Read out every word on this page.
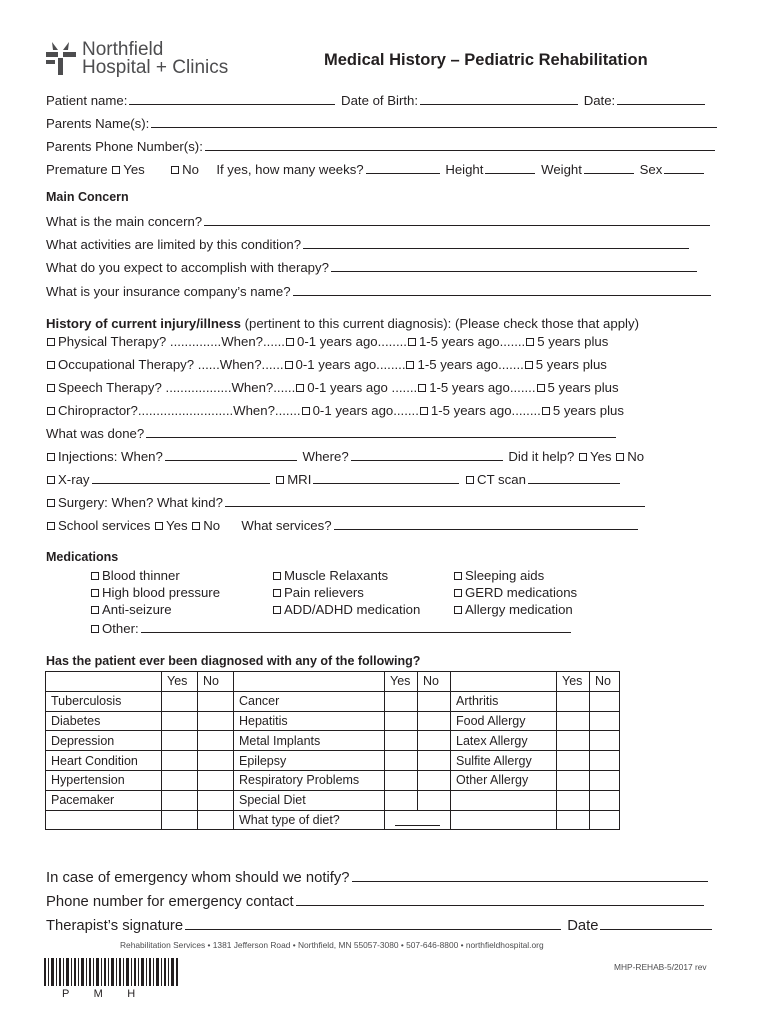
Northfield
Hospital + Clinics	Medical History – Pediatric Rehabilitation
Patient name:	Date of Birth:	Date:
Parents Name(s):
Parents Phone Number(s):
Premature Yes	No If yes, how many weeks?	Height	Weight	Sex
Main Concern
What is the main concern?
What activities are limited by this condition?
What do you expect to accomplish with therapy?
What is your insurance company’s name?
History of current injury/illness (pertinent to this current diagnosis): (Please check those that apply)
Physical Therapy? ..............When?...... 0-1 years ago........ 1-5 years ago....... 5 years plus
Occupational Therapy? ......When?...... 0-1 years ago........ 1-5 years ago....... 5 years plus
Speech Therapy? ..................When?...... 0-1 years ago ....... 1-5 years ago....... 5 years plus
Chiropractor?..........................When?....... 0-1 years ago....... 1-5 years ago........ 5 years plus
What was done?
Injections: When?	Where?	Did it help? Yes No
X-ray	MRI	CT scan
Surgery: When? What kind?
School services Yes No What services?
Medications
Blood thinner
High blood pressure
Anti-seizure
Muscle Relaxants
Pain relievers
ADD/ADHD medication
Sleeping aids
GERD medications
Allergy medication
Other:
Has the patient ever been diagnosed with any of the following?
	Yes	No		Yes	No		Yes	No
Tuberculosis			Cancer			Arthritis		
Diabetes			Hepatitis			Food Allergy		
Depression			Metal Implants			Latex Allergy		
Heart Condition			Epilepsy			Sulfite Allergy		
Hypertension			Respiratory Problems			Other Allergy		
Pacemaker			Special Diet					
			What type of diet?		

In case of emergency whom should we notify?
Phone number for emergency contact
Therapist’s signature	Date
Rehabilitation Services • 1381 Jefferson Road • Northfield, MN 55057-3080 • 507-646-8800 • northfieldhospital.org
P        M        H
MHP-REHAB-5/2017 rev
